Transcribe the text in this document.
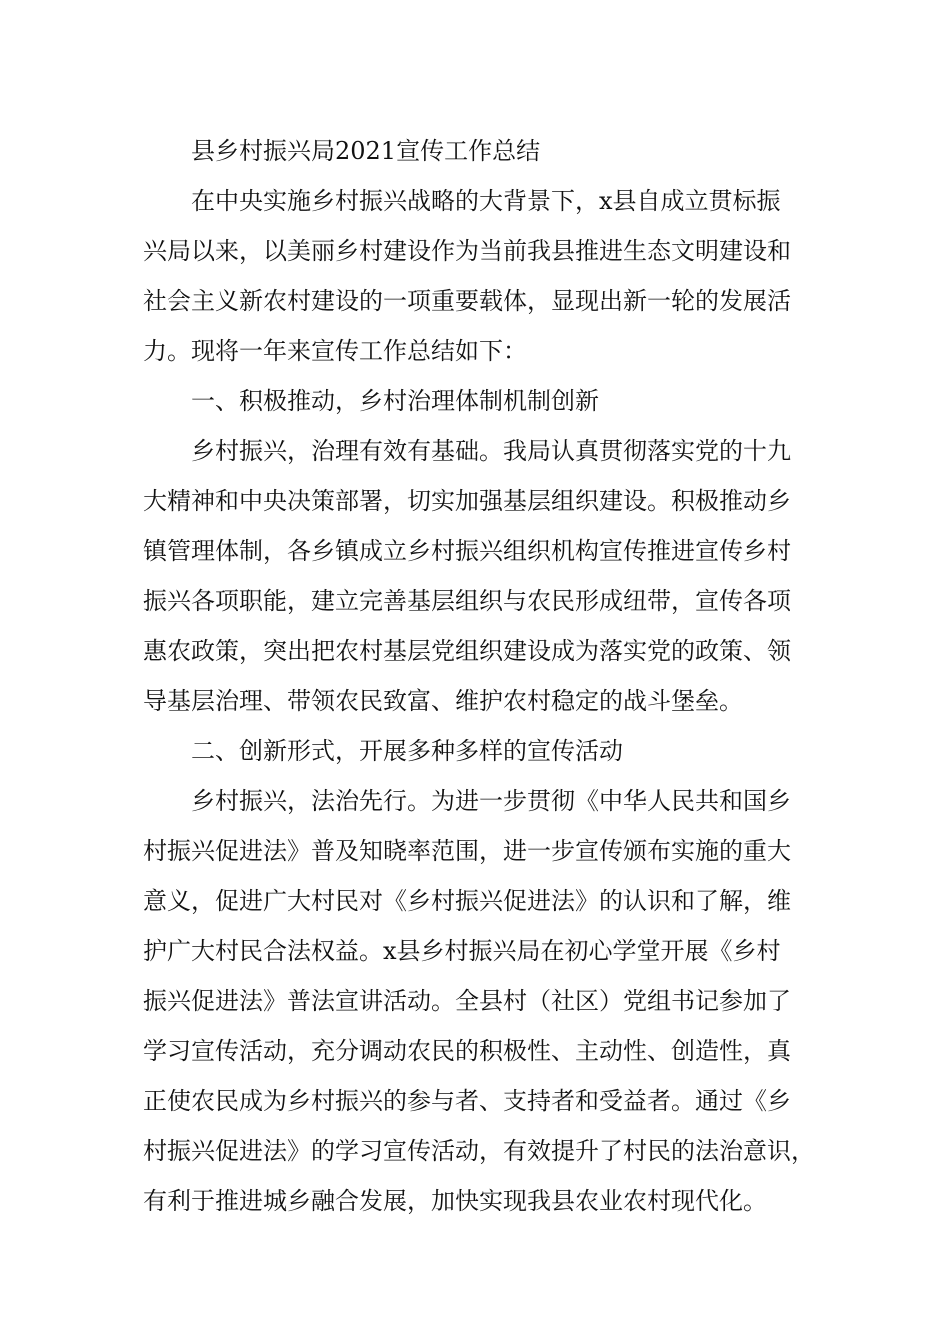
县乡村振兴局2021宣传工作总结
在中央实施乡村振兴战略的大背景下，x县自成立贯标振
兴局以来，以美丽乡村建设作为当前我县推进生态文明建设和
社会主义新农村建设的一项重要载体，显现出新一轮的发展活
力。现将一年来宣传工作总结如下：
一、积极推动，乡村治理体制机制创新
乡村振兴，治理有效有基础。我局认真贯彻落实党的十九
大精神和中央决策部署，切实加强基层组织建设。积极推动乡
镇管理体制，各乡镇成立乡村振兴组织机构宣传推进宣传乡村
振兴各项职能，建立完善基层组织与农民形成纽带，宣传各项
惠农政策，突出把农村基层党组织建设成为落实党的政策、领
导基层治理、带领农民致富、维护农村稳定的战斗堡垒。
二、创新形式，开展多种多样的宣传活动
乡村振兴，法治先行。为进一步贯彻《中华人民共和国乡
村振兴促进法》普及知晓率范围，进一步宣传颁布实施的重大
意义，促进广大村民对《乡村振兴促进法》的认识和了解，维
护广大村民合法权益。x县乡村振兴局在初心学堂开展《乡村
振兴促进法》普法宣讲活动。全县村（社区）党组书记参加了
学习宣传活动，充分调动农民的积极性、主动性、创造性，真
正使农民成为乡村振兴的参与者、支持者和受益者。通过《乡
村振兴促进法》的学习宣传活动，有效提升了村民的法治意识，
有利于推进城乡融合发展，加快实现我县农业农村现代化。
